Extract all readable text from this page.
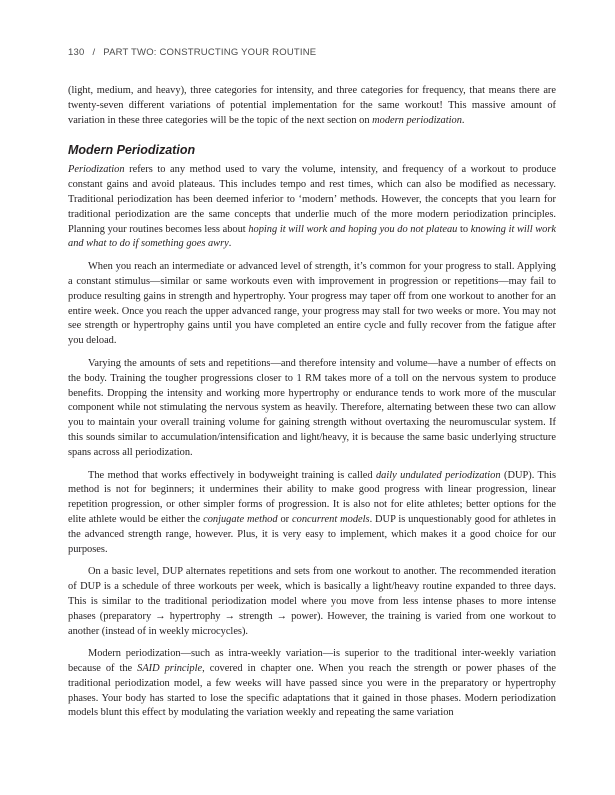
130 / PART TWO: CONSTRUCTING YOUR ROUTINE

(light, medium, and heavy), three categories for intensity, and three categories for frequency, that means there are twenty-seven different variations of potential implementation for the same workout! This massive amount of variation in these three categories will be the topic of the next section on modern periodization.

Modern Periodization

Periodization refers to any method used to vary the volume, intensity, and frequency of a workout to produce constant gains and avoid plateaus. This includes tempo and rest times, which can also be modified as necessary. Traditional periodization has been deemed inferior to ‘modern’ methods. However, the concepts that you learn for traditional periodization are the same concepts that underlie much of the more modern periodization principles. Planning your routines becomes less about hoping it will work and hoping you do not plateau to knowing it will work and what to do if something goes awry.

When you reach an intermediate or advanced level of strength, it’s common for your progress to stall. Applying a constant stimulus—similar or same workouts even with improvement in progression or repetitions—may fail to produce resulting gains in strength and hypertrophy. Your progress may taper off from one workout to another for an entire week. Once you reach the upper advanced range, your progress may stall for two weeks or more. You may not see strength or hypertrophy gains until you have completed an entire cycle and fully recover from the fatigue after you deload.

Varying the amounts of sets and repetitions—and therefore intensity and volume—have a number of effects on the body. Training the tougher progressions closer to 1 RM takes more of a toll on the nervous system to produce benefits. Dropping the intensity and working more hypertrophy or endurance tends to work more of the muscular component while not stimulating the nervous system as heavily. Therefore, alternating between these two can allow you to maintain your overall training volume for gaining strength without overtaxing the neuromuscular system. If this sounds similar to accumulation/intensification and light/heavy, it is because the same basic underlying structure spans across all periodization.

The method that works effectively in bodyweight training is called daily undulated periodization (DUP). This method is not for beginners; it undermines their ability to make good progress with linear progression, linear repetition progression, or other simpler forms of progression. It is also not for elite athletes; better options for the elite athlete would be either the conjugate method or concurrent models. DUP is unquestionably good for athletes in the advanced strength range, however. Plus, it is very easy to implement, which makes it a good choice for our purposes.

On a basic level, DUP alternates repetitions and sets from one workout to another. The recommended iteration of DUP is a schedule of three workouts per week, which is basically a light/heavy routine expanded to three days. This is similar to the traditional periodization model where you move from less intense phases to more intense phases (preparatory → hypertrophy → strength → power). However, the training is varied from one workout to another (instead of in weekly microcycles).

Modern periodization—such as intra-weekly variation—is superior to the traditional inter-weekly variation because of the SAID principle, covered in chapter one. When you reach the strength or power phases of the traditional periodization model, a few weeks will have passed since you were in the preparatory or hypertrophy phases. Your body has started to lose the specific adaptations that it gained in those phases. Modern periodization models blunt this effect by modulating the variation weekly and repeating the same variation
